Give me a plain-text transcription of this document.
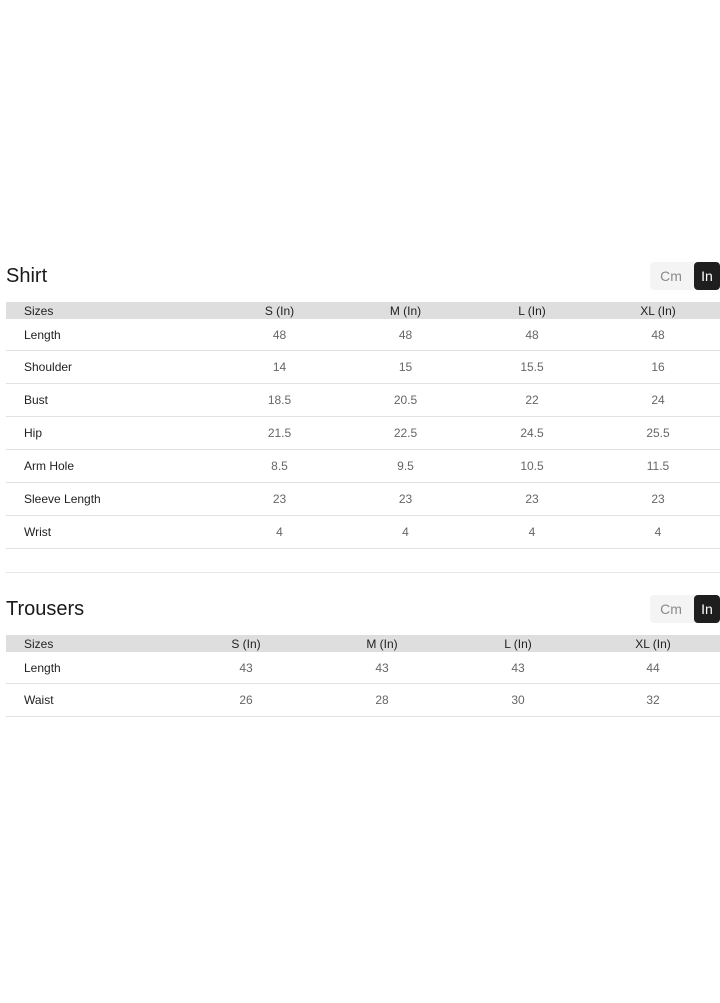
Shirt	Cm	In
Sizes	S (In)	M (In)	L (In)	XL (In)
Length	48	48	48	48
Shoulder	14	15	15.5	16
Bust	18.5	20.5	22	24
Hip	21.5	22.5	24.5	25.5
Arm Hole	8.5	9.5	10.5	11.5
Sleeve Length	23	23	23	23
Wrist	4	4	4	4
Trousers	Cm	In
Sizes	S (In)	M (In)	L (In)	XL (In)
Length	43	43	43	44
Waist	26	28	30	32
